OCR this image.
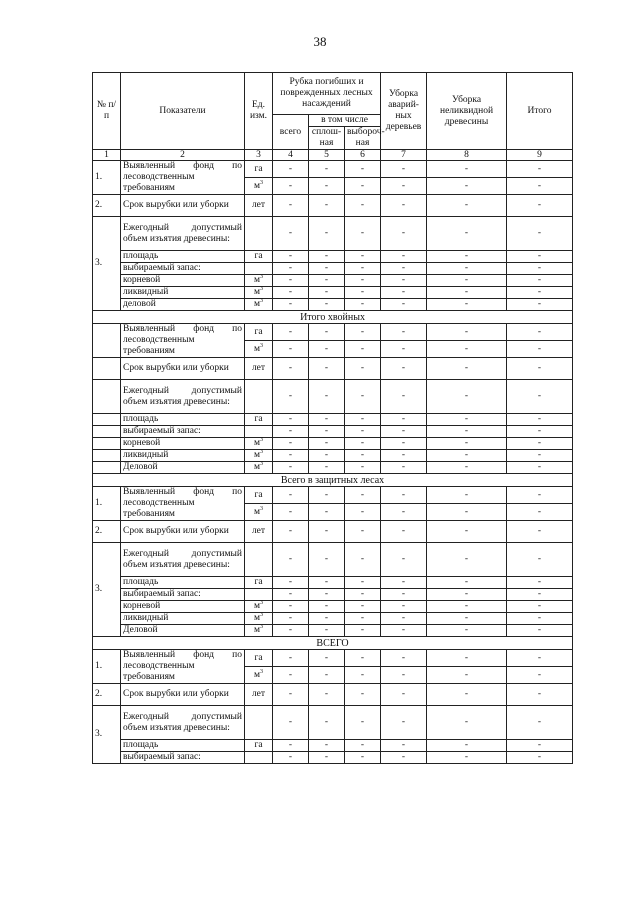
38
№ п/п	Показатели	Ед. изм.	Рубка погибших и поврежденных лесных насаждений			Уборка аварий-ных деревьев	Уборка неликвидной древесины	Итого
			всего	в том числе				
				сплош-ная	выбороч-ная			
1	2	3	4	5	6	7	8	9
1.	Выявленный фонд по лесоводственным требованиям	га	-	-	-	-	-	-
		$м^3$	-	-	-	-	-	-
2.	Срок вырубки или уборки	лет	-	-	-	-	-	-
3.	Ежегодный допустимый объем изъятия древесины:		-	-	-	-	-	-
	площадь	га	-	-	-	-	-	-
	выбираемый запас:		-	-	-	-	-	-
	корневой	$м^3$	-	-	-	-	-	-
	ликвидный	$м^3$	-	-	-	-	-	-
	деловой	$м^3$	-	-	-	-	-	-
Итого хвойных								
	Выявленный фонд по лесоводственным требованиям	га	-	-	-	-	-	-
		$м^3$	-	-	-	-	-	-
	Срок вырубки или уборки	лет	-	-	-	-	-	-
	Ежегодный допустимый объем изъятия древесины:		-	-	-	-	-	-
	площадь	га	-	-	-	-	-	-
	выбираемый запас:		-	-	-	-	-	-
	корневой	$м^3$	-	-	-	-	-	-
	ликвидный	$м^3$	-	-	-	-	-	-
	Деловой	$м^3$	-	-	-	-	-	-
Всего в защитных лесах								
1.	Выявленный фонд по лесоводственным требованиям	га	-	-	-	-	-	-
		$м^3$	-	-	-	-	-	-
2.	Срок вырубки или уборки	лет	-	-	-	-	-	-
3.	Ежегодный допустимый объем изъятия древесины:		-	-	-	-	-	-
	площадь	га	-	-	-	-	-	-
	выбираемый запас:		-	-	-	-	-	-
	корневой	$м^3$	-	-	-	-	-	-
	ликвидный	$м^3$	-	-	-	-	-	-
	Деловой	$м^3$	-	-	-	-	-	-
ВСЕГО								
1.	Выявленный фонд по лесоводственным требованиям	га	-	-	-	-	-	-
		$м^3$	-	-	-	-	-	-
2.	Срок вырубки или уборки	лет	-	-	-	-	-	-
3.	Ежегодный допустимый объем изъятия древесины:		-	-	-	-	-	-
	площадь	га	-	-	-	-	-	-
	выбираемый запас:		-	-	-	-	-	-
